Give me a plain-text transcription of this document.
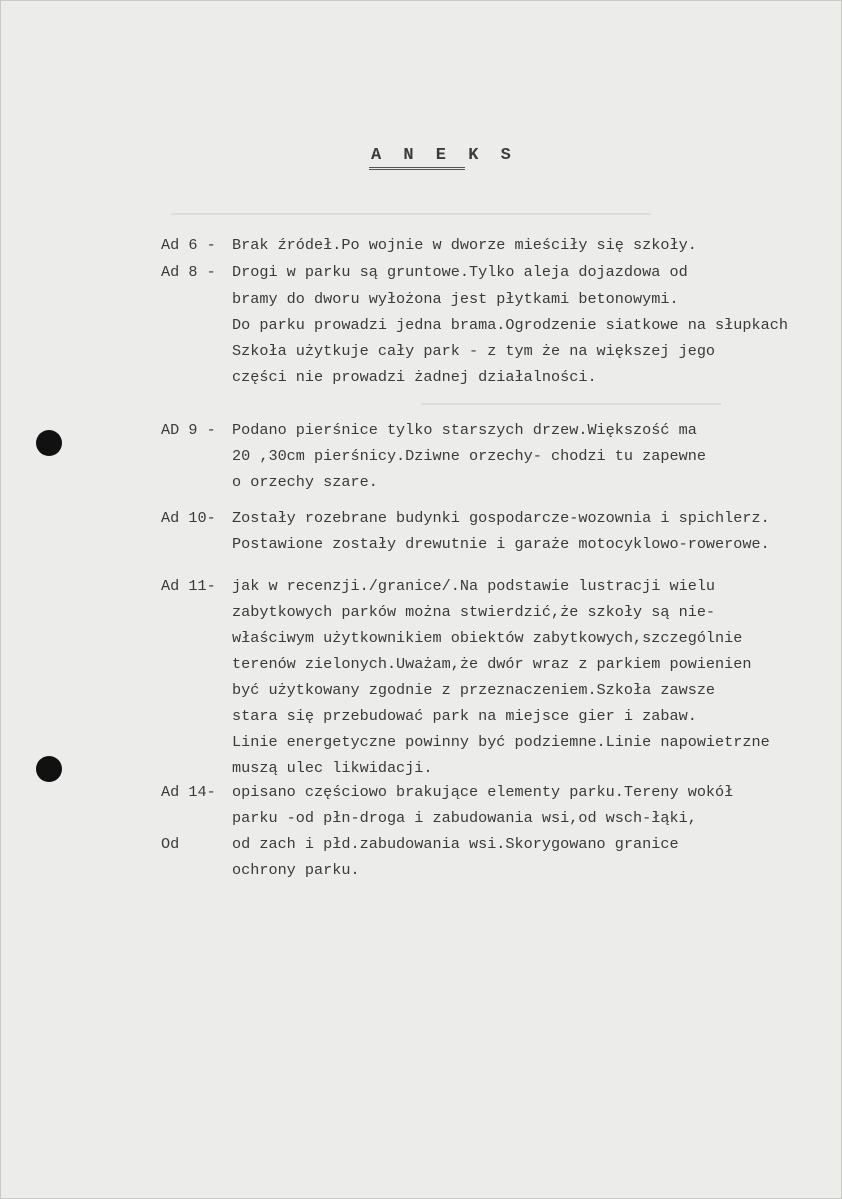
A N E K S
Ad 6 - Brak źródeł.Po wojnie w dworze mieściły się szkoły.
Ad 8 - Drogi w parku są gruntowe.Tylko aleja dojazdowa od
bramy do dworu wyłożona jest płytkami betonowymi.
Do parku prowadzi jedna brama.Ogrodzenie siatkowe na słupkach
Szkoła użytkuje cały park - z tym że na większej jego
części nie prowadzi żadnej działalności.
AD 9 - Podano pierśnice tylko starszych drzew.Większość ma
20 ,30cm pierśnicy.Dziwne orzechy- chodzi tu zapewne
o orzechy szare.
Ad 10- Zostały rozebrane budynki gospodarcze-wozownia i spichlerz.
Postawione zostały drewutnie i garaże motocyklowo-rowerowe.
Ad 11- jak w recenzji./granice/.Na podstawie lustracji wielu
zabytkowych parków można stwierdzić,że szkoły są nie-
właściwym użytkownikiem obiektów zabytkowych,szczególnie
terenów zielonych.Uważam,że dwór wraz z parkiem powienien
być użytkowany zgodnie z przeznaczeniem.Szkoła zawsze
stara się przebudować park na miejsce gier i zabaw.
Linie energetyczne powinny być podziemne.Linie napowietrzne
muszą ulec likwidacji.
Ad 14- opisano częściowo brakujące elementy parku.Tereny wokół
parku -od płn-droga i zabudowania wsi,od wsch-łąki,
Od	od zach i płd.zabudowania wsi.Skorygowano granice
ochrony parku.
